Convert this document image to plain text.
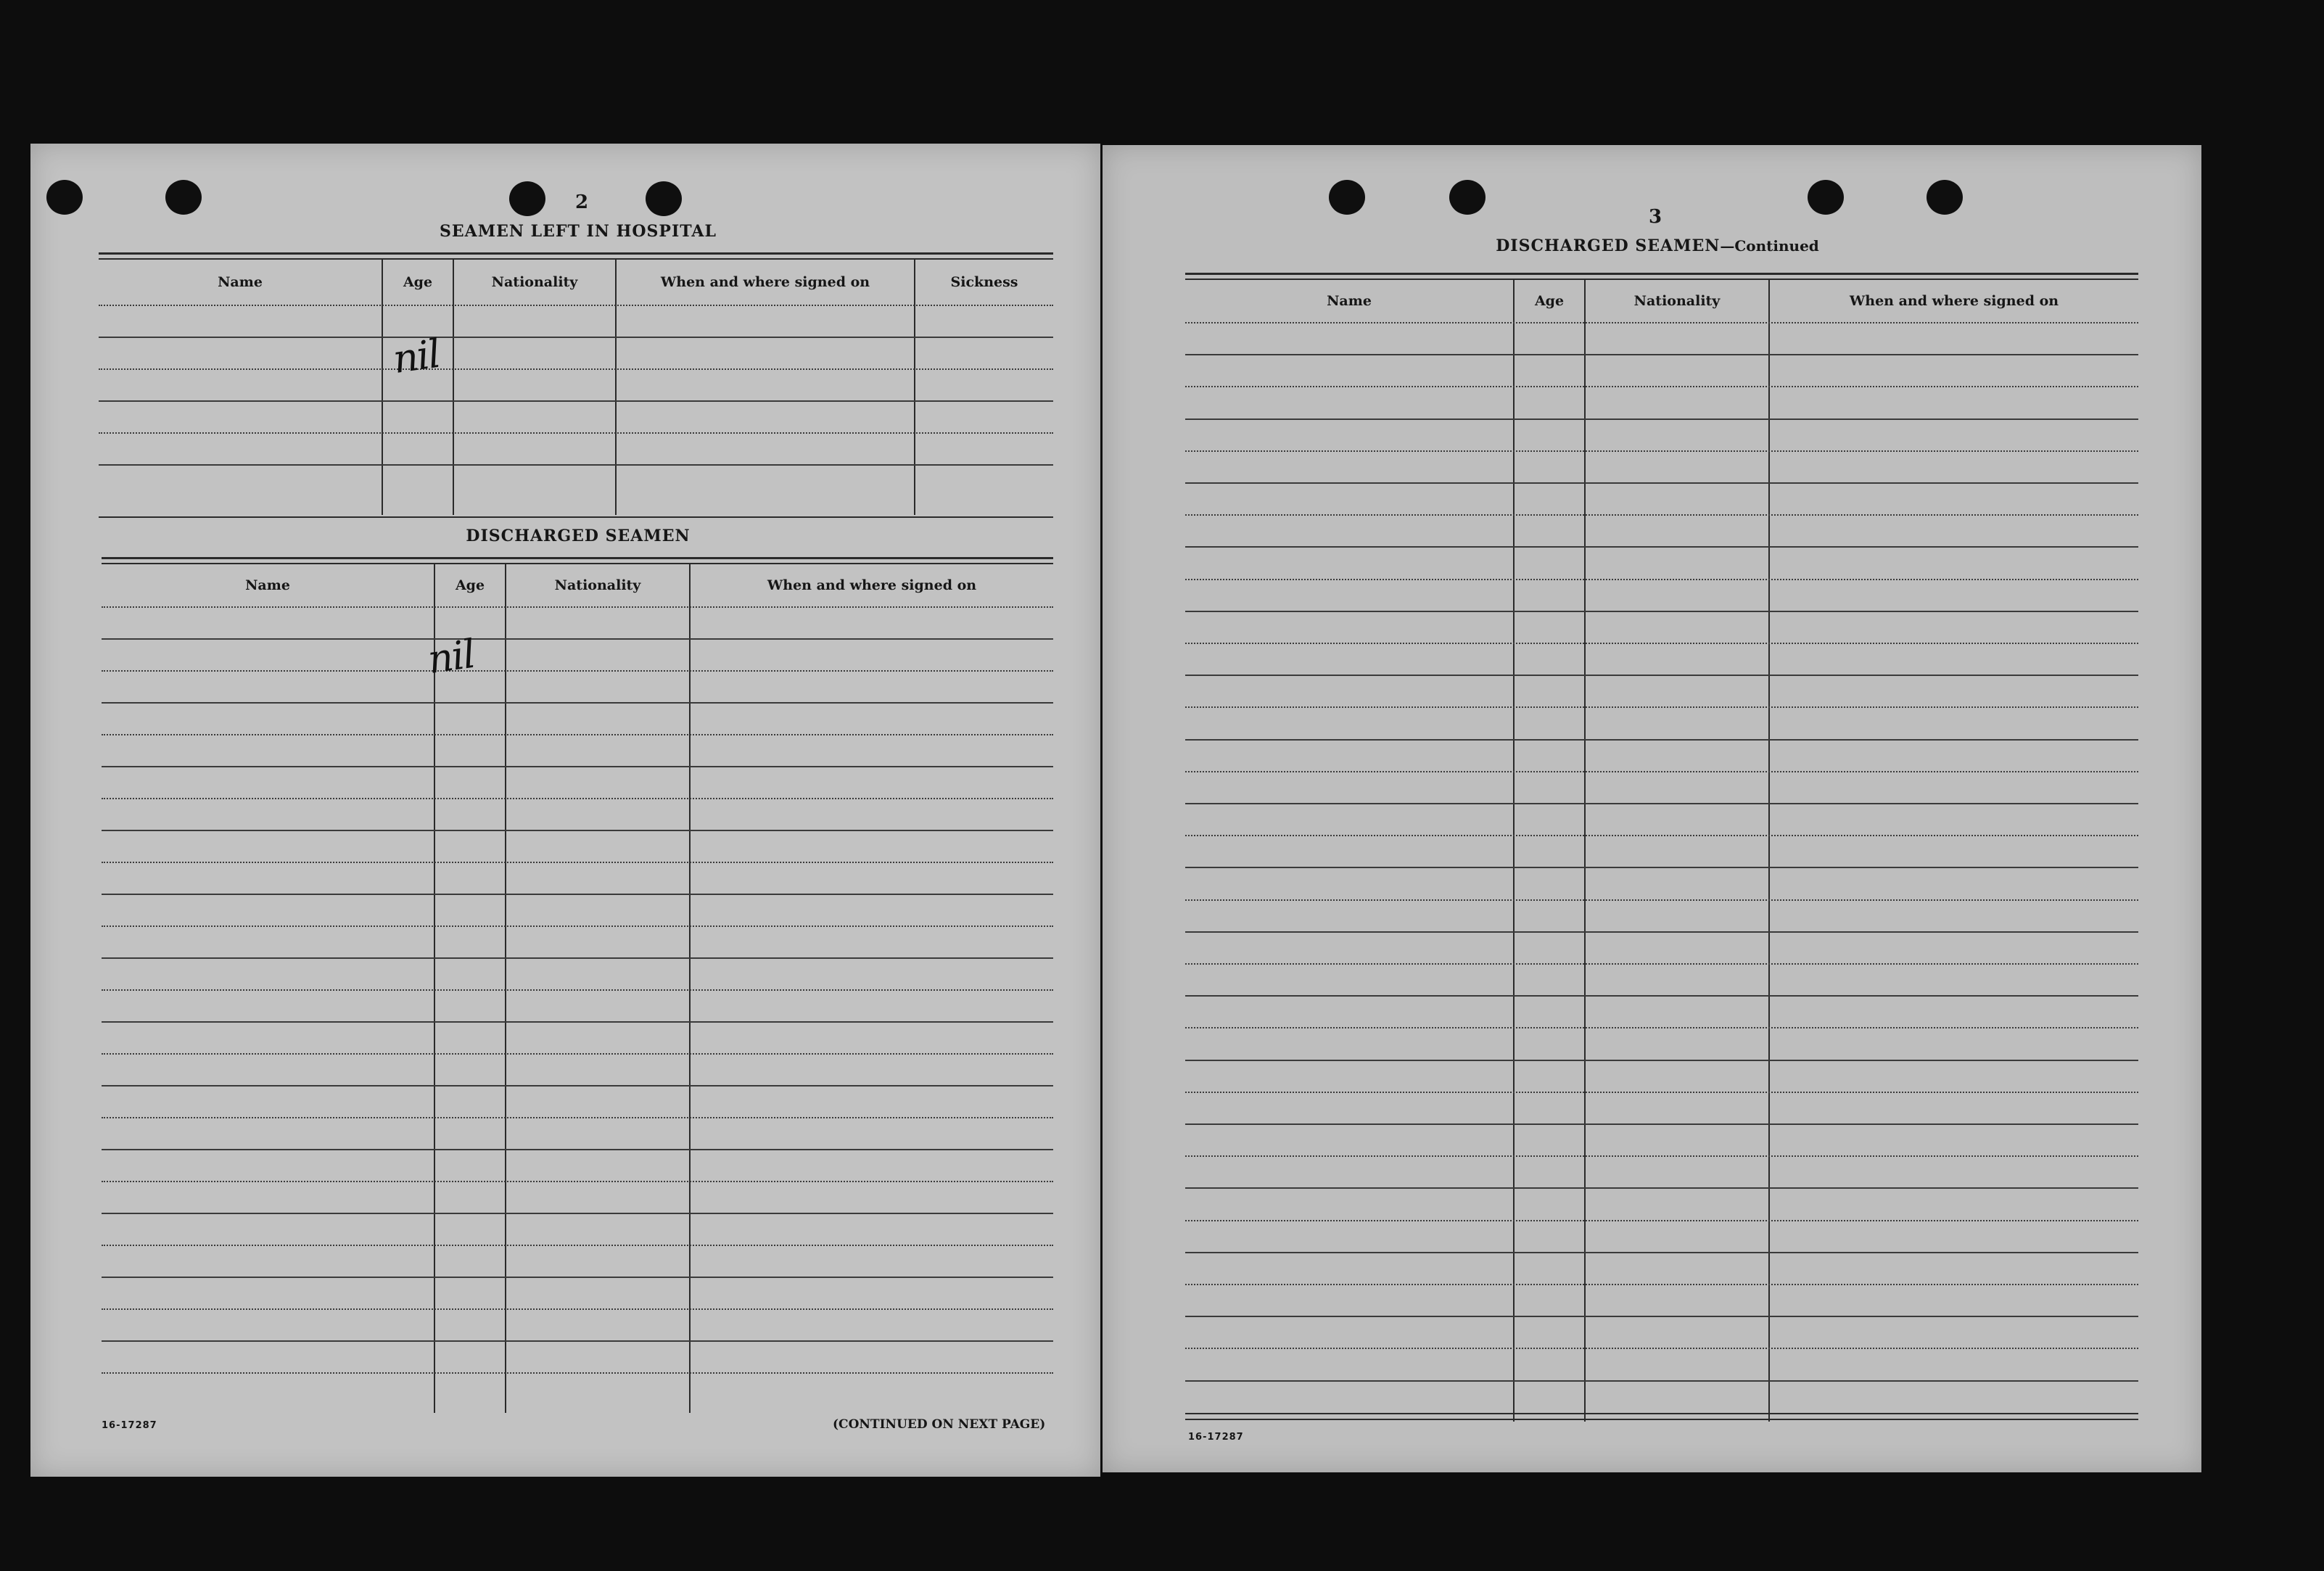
2
SEAMEN LEFT IN HOSPITAL
Name	Age	Nationality	When and where signed on	Sickness
nil
DISCHARGED SEAMEN
Name	Age	Nationality	When and where signed on
nil
16-17287	(CONTINUED ON NEXT PAGE)
3
DISCHARGED SEAMEN—Continued
Name	Age	Nationality	When and where signed on
16-17287
